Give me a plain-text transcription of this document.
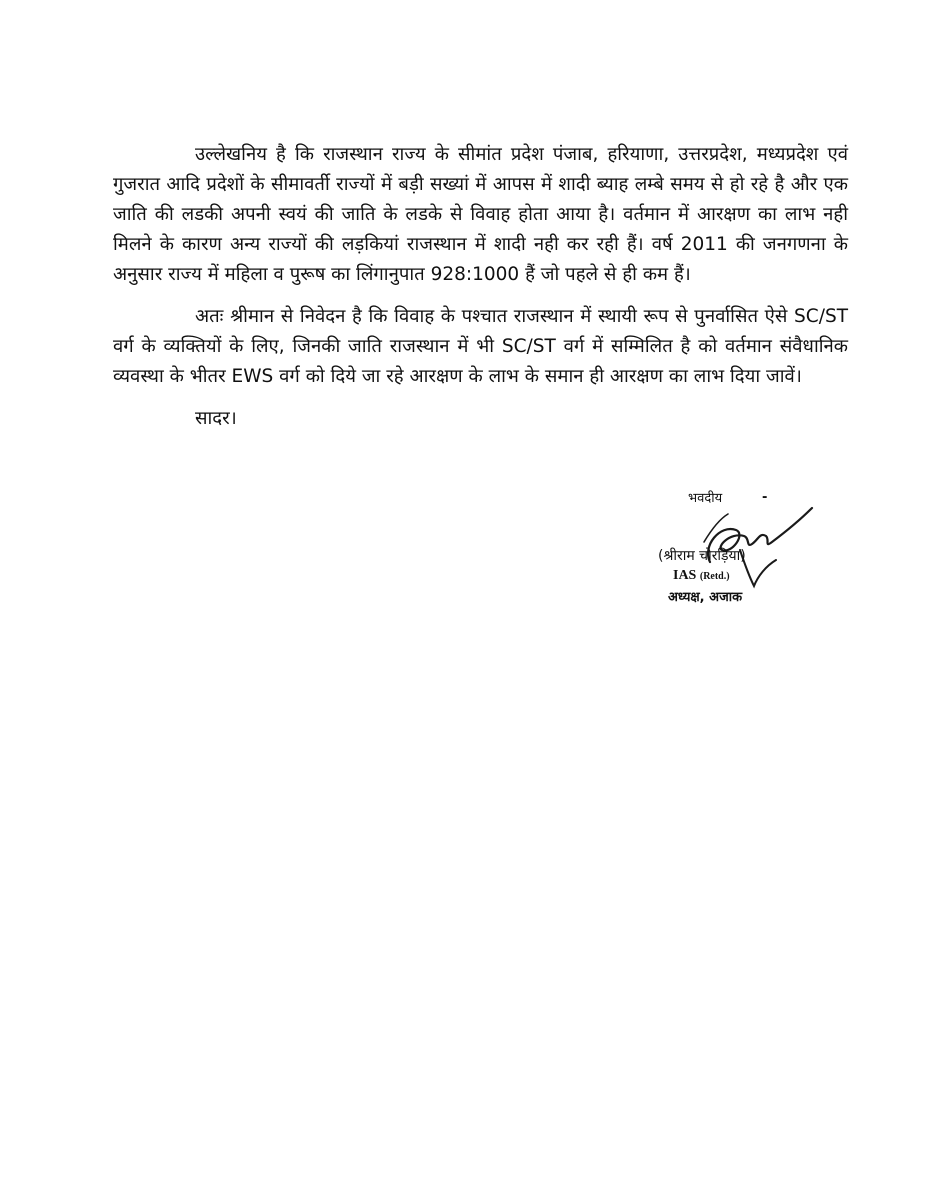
उल्लेखनिय है कि राजस्थान राज्य के सीमांत प्रदेश पंजाब, हरियाणा, उत्तरप्रदेश, मध्यप्रदेश एवं गुजरात आदि प्रदेशों के सीमावर्ती राज्यों में बड़ी सख्यां में आपस में शादी ब्याह लम्बे समय से हो रहे है और एक जाति की लडकी अपनी स्वयं की जाति के लडके से विवाह होता आया है। वर्तमान में आरक्षण का लाभ नही मिलने के कारण अन्य राज्यों की लड़कियां राजस्थान में शादी नही कर रही हैं। वर्ष 2011 की जनगणना के अनुसार राज्य में महिला व पुरूष का लिंगानुपात 928:1000 हैं जो पहले से ही कम हैं।

अतः श्रीमान से निवेदन है कि विवाह के पश्चात राजस्थान में स्थायी रूप से पुनर्वासित ऐसे SC/ST वर्ग के व्यक्तियों के लिए, जिनकी जाति राजस्थान में भी SC/ST वर्ग में सम्मिलित है को वर्तमान संवैधानिक व्यवस्था के भीतर EWS वर्ग को दिये जा रहे आरक्षण के लाभ के समान ही आरक्षण का लाभ दिया जावें।

सादर।

भवदीय	-
(श्रीराम चोरड़िया)
IAS (Retd.)
अध्यक्ष, अजाक
